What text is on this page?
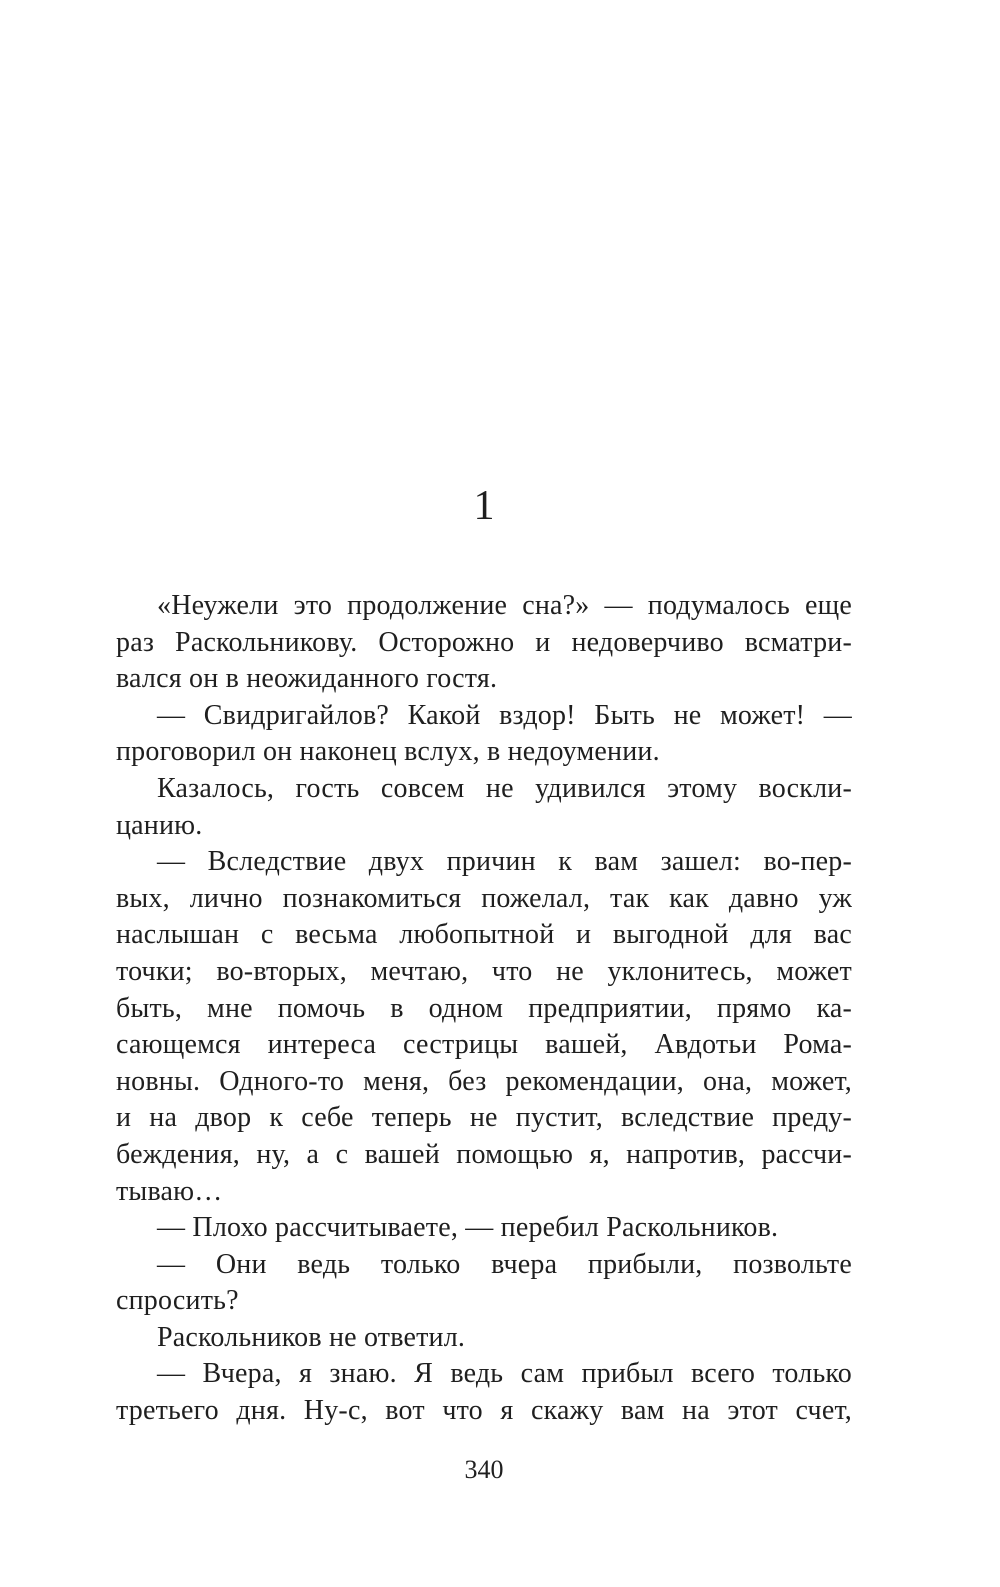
1
«Неужели это продолжение сна?» — подумалось еще
раз Раскольникову. Осторожно и недоверчиво всматри-
вался он в неожиданного гостя.
— Свидригайлов? Какой вздор! Быть не может! —
проговорил он наконец вслух, в недоумении.
Казалось, гость совсем не удивился этому воскли-
цанию.
— Вследствие двух причин к вам зашел: во-пер-
вых, лично познакомиться пожелал, так как давно уж
наслышан с весьма любопытной и выгодной для вас
точки; во-вторых, мечтаю, что не уклонитесь, может
быть, мне помочь в одном предприятии, прямо ка-
сающемся интереса сестрицы вашей, Авдотьи Рома-
новны. Одного-то меня, без рекомендации, она, может,
и на двор к себе теперь не пустит, вследствие преду-
беждения, ну, а с вашей помощью я, напротив, рассчи-
тываю…
— Плохо рассчитываете, — перебил Раскольников.
— Они ведь только вчера прибыли, позвольте
спросить?
Раскольников не ответил.
— Вчера, я знаю. Я ведь сам прибыл всего только
третьего дня. Ну-с, вот что я скажу вам на этот счет,
340
